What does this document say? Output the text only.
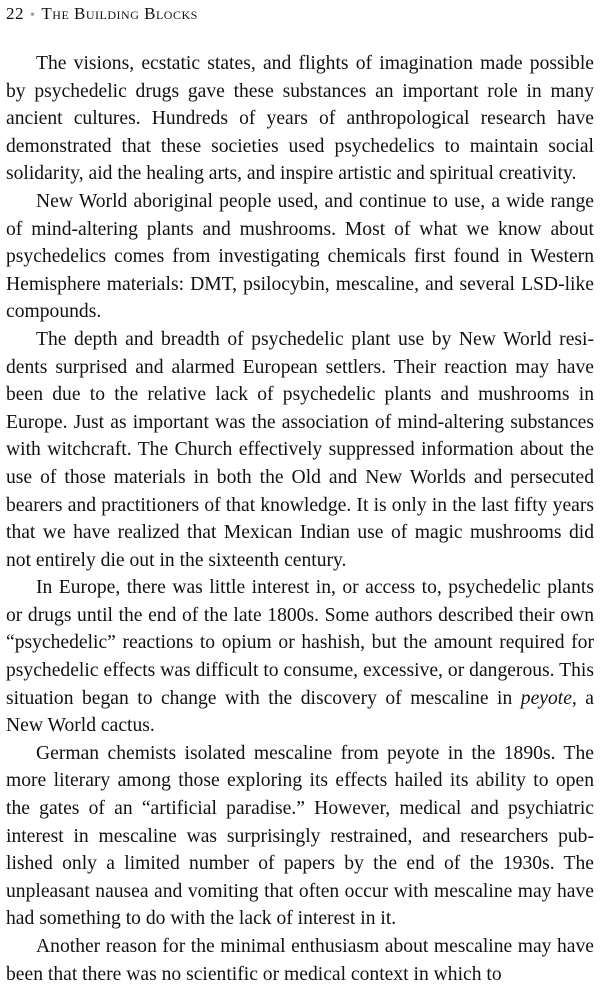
22 • The Building Blocks

The visions, ecstatic states, and flights of imagination made possible by psychedelic drugs gave these substances an important role in many ancient cultures. Hundreds of years of anthropological research have demonstrated that these societies used psychedelics to maintain social solidarity, aid the healing arts, and inspire artistic and spiritual creativity.

New World aboriginal people used, and continue to use, a wide range of mind-altering plants and mushrooms. Most of what we know about psychedelics comes from investigating chemicals first found in Western Hemisphere materials: DMT, psilocybin, mescaline, and several LSD-like compounds.

The depth and breadth of psychedelic plant use by New World residents surprised and alarmed European settlers. Their reaction may have been due to the relative lack of psychedelic plants and mushrooms in Europe. Just as important was the association of mind-altering substances with witchcraft. The Church effectively suppressed information about the use of those materials in both the Old and New Worlds and persecuted bearers and practitioners of that knowledge. It is only in the last fifty years that we have realized that Mexican Indian use of magic mushrooms did not entirely die out in the sixteenth century.

In Europe, there was little interest in, or access to, psychedelic plants or drugs until the end of the late 1800s. Some authors described their own “psychedelic” reactions to opium or hashish, but the amount required for psychedelic effects was difficult to consume, excessive, or dangerous. This situation began to change with the discovery of mescaline in peyote, a New World cactus.

German chemists isolated mescaline from peyote in the 1890s. The more literary among those exploring its effects hailed its ability to open the gates of an “artificial paradise.” However, medical and psychiatric interest in mescaline was surprisingly restrained, and researchers published only a limited number of papers by the end of the 1930s. The unpleasant nausea and vomiting that often occur with mescaline may have had something to do with the lack of interest in it.

Another reason for the minimal enthusiasm about mescaline may have been that there was no scientific or medical context in which to
